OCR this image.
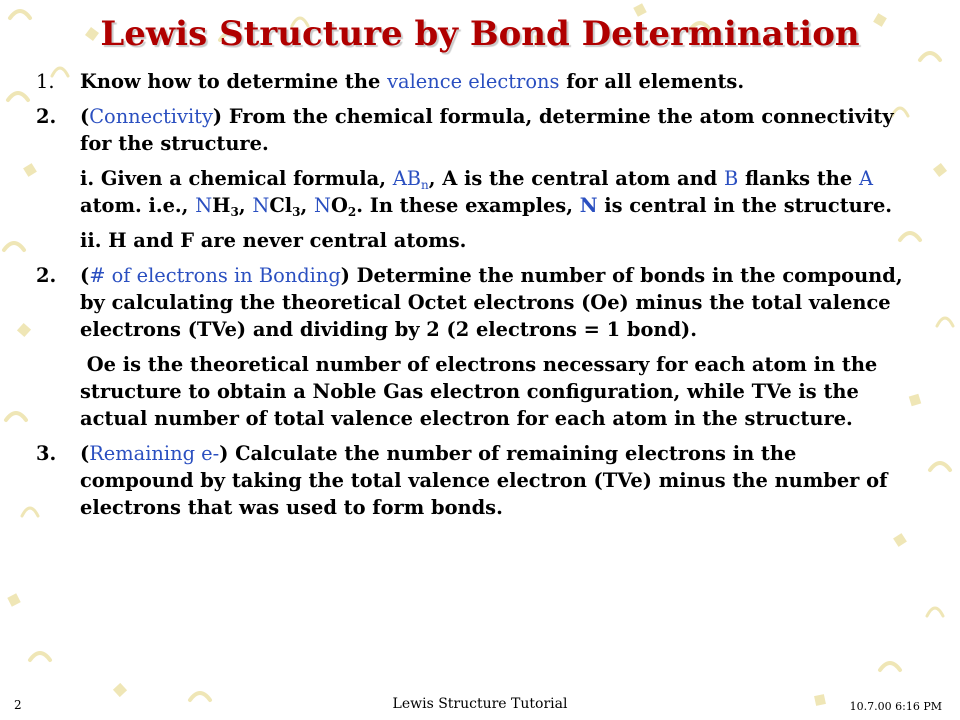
Lewis Structure by Bond Determination
1.	Know how to determine the valence electrons for all elements.
2.	(Connectivity) From the chemical formula, determine the atom connectivity for the structure.
i. Given a chemical formula, $AB_n$, A is the central atom and B flanks the A atom. i.e., $NH_3$, NCl$_3$, $NO_2$. In these examples, N is central in the structure.
ii. H and F are never central atoms.
2.	(# of electrons in Bonding) Determine the number of bonds in the compound, by calculating the theoretical Octet electrons (Oe) minus the total valence electrons (TVe) and dividing by 2 (2 electrons = 1 bond).
Oe is the theoretical number of electrons necessary for each atom in the structure to obtain a Noble Gas electron configuration, while TVe is the actual number of total valence electron for each atom in the structure.
3.	(Remaining e-) Calculate the number of remaining electrons in the compound by taking the total valence electron (TVe) minus the number of electrons that was used to form bonds.
2	Lewis Structure Tutorial	10.7.00 6:16 PM
